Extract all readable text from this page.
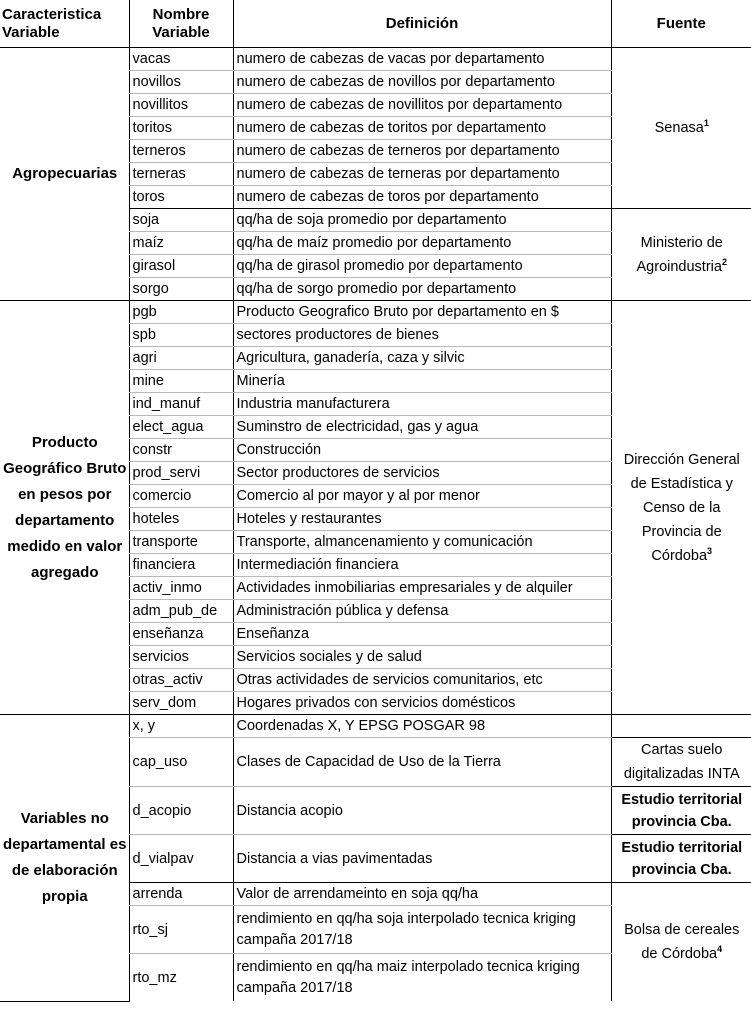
Caracteristica Variable	Nombre Variable	Definición	Fuente
Agropecuarias	vacas	numero de cabezas de vacas por departamento	Senasa$^1$
	novillos	numero de cabezas de novillos por departamento	
	novillitos	numero de cabezas de novillitos por departamento	
	toritos	numero de cabezas de toritos por departamento	
	terneros	numero de cabezas de terneros por departamento	
	terneras	numero de cabezas de terneras por departamento	
	toros	numero de cabezas de toros por departamento	
	soja	qq/ha de soja promedio por departamento	Ministerio de Agroindustria$^2$
	maíz	qq/ha de maíz promedio por departamento	
	girasol	qq/ha de girasol promedio por departamento	
	sorgo	qq/ha de sorgo promedio por departamento	
Producto Geográfico Bruto en pesos por departamento medido en valor agregado	pgb	Producto Geografico Bruto por departamento en $	Dirección General de Estadística y Censo de la Provincia de Córdoba$^3$
	spb	sectores productores de bienes	
	agri	Agricultura, ganadería, caza y silvic	
	mine	Minería	
	ind_manuf	Industria manufacturera	
	elect_agua	Suminstro de electricidad, gas y agua	
	constr	Construcción	
	prod_servi	Sector productores de servicios	
	comercio	Comercio al por mayor y al por menor	
	hoteles	Hoteles y restaurantes	
	transporte	Transporte, almancenamiento y comunicación	
	financiera	Intermediación financiera	
	activ_inmo	Actividades inmobiliarias empresariales y de alquiler	
	adm_pub_de	Administración pública y defensa	
	enseñanza	Enseñanza	
	servicios	Servicios sociales y de salud	
	otras_activ	Otras actividades de servicios comunitarios, etc	
	serv_dom	Hogares privados con servicios domésticos	
Variables no departamental es de elaboración propia	x, y	Coordenadas X, Y EPSG POSGAR 98	
	cap_uso	Clases de Capacidad de Uso de la Tierra	Cartas suelo digitalizadas INTA
	d_acopio	Distancia acopio	Estudio territorial provincia Cba.
	d_vialpav	Distancia a vias pavimentadas	Estudio territorial provincia Cba.
	arrenda	Valor de arrendameinto en soja qq/ha	Bolsa de cereales de Córdoba$^4$
	rto_sj	rendimiento en qq/ha soja interpolado tecnica kriging campaña 2017/18	
	rto_mz	rendimiento en qq/ha maiz interpolado tecnica kriging campaña 2017/18	
